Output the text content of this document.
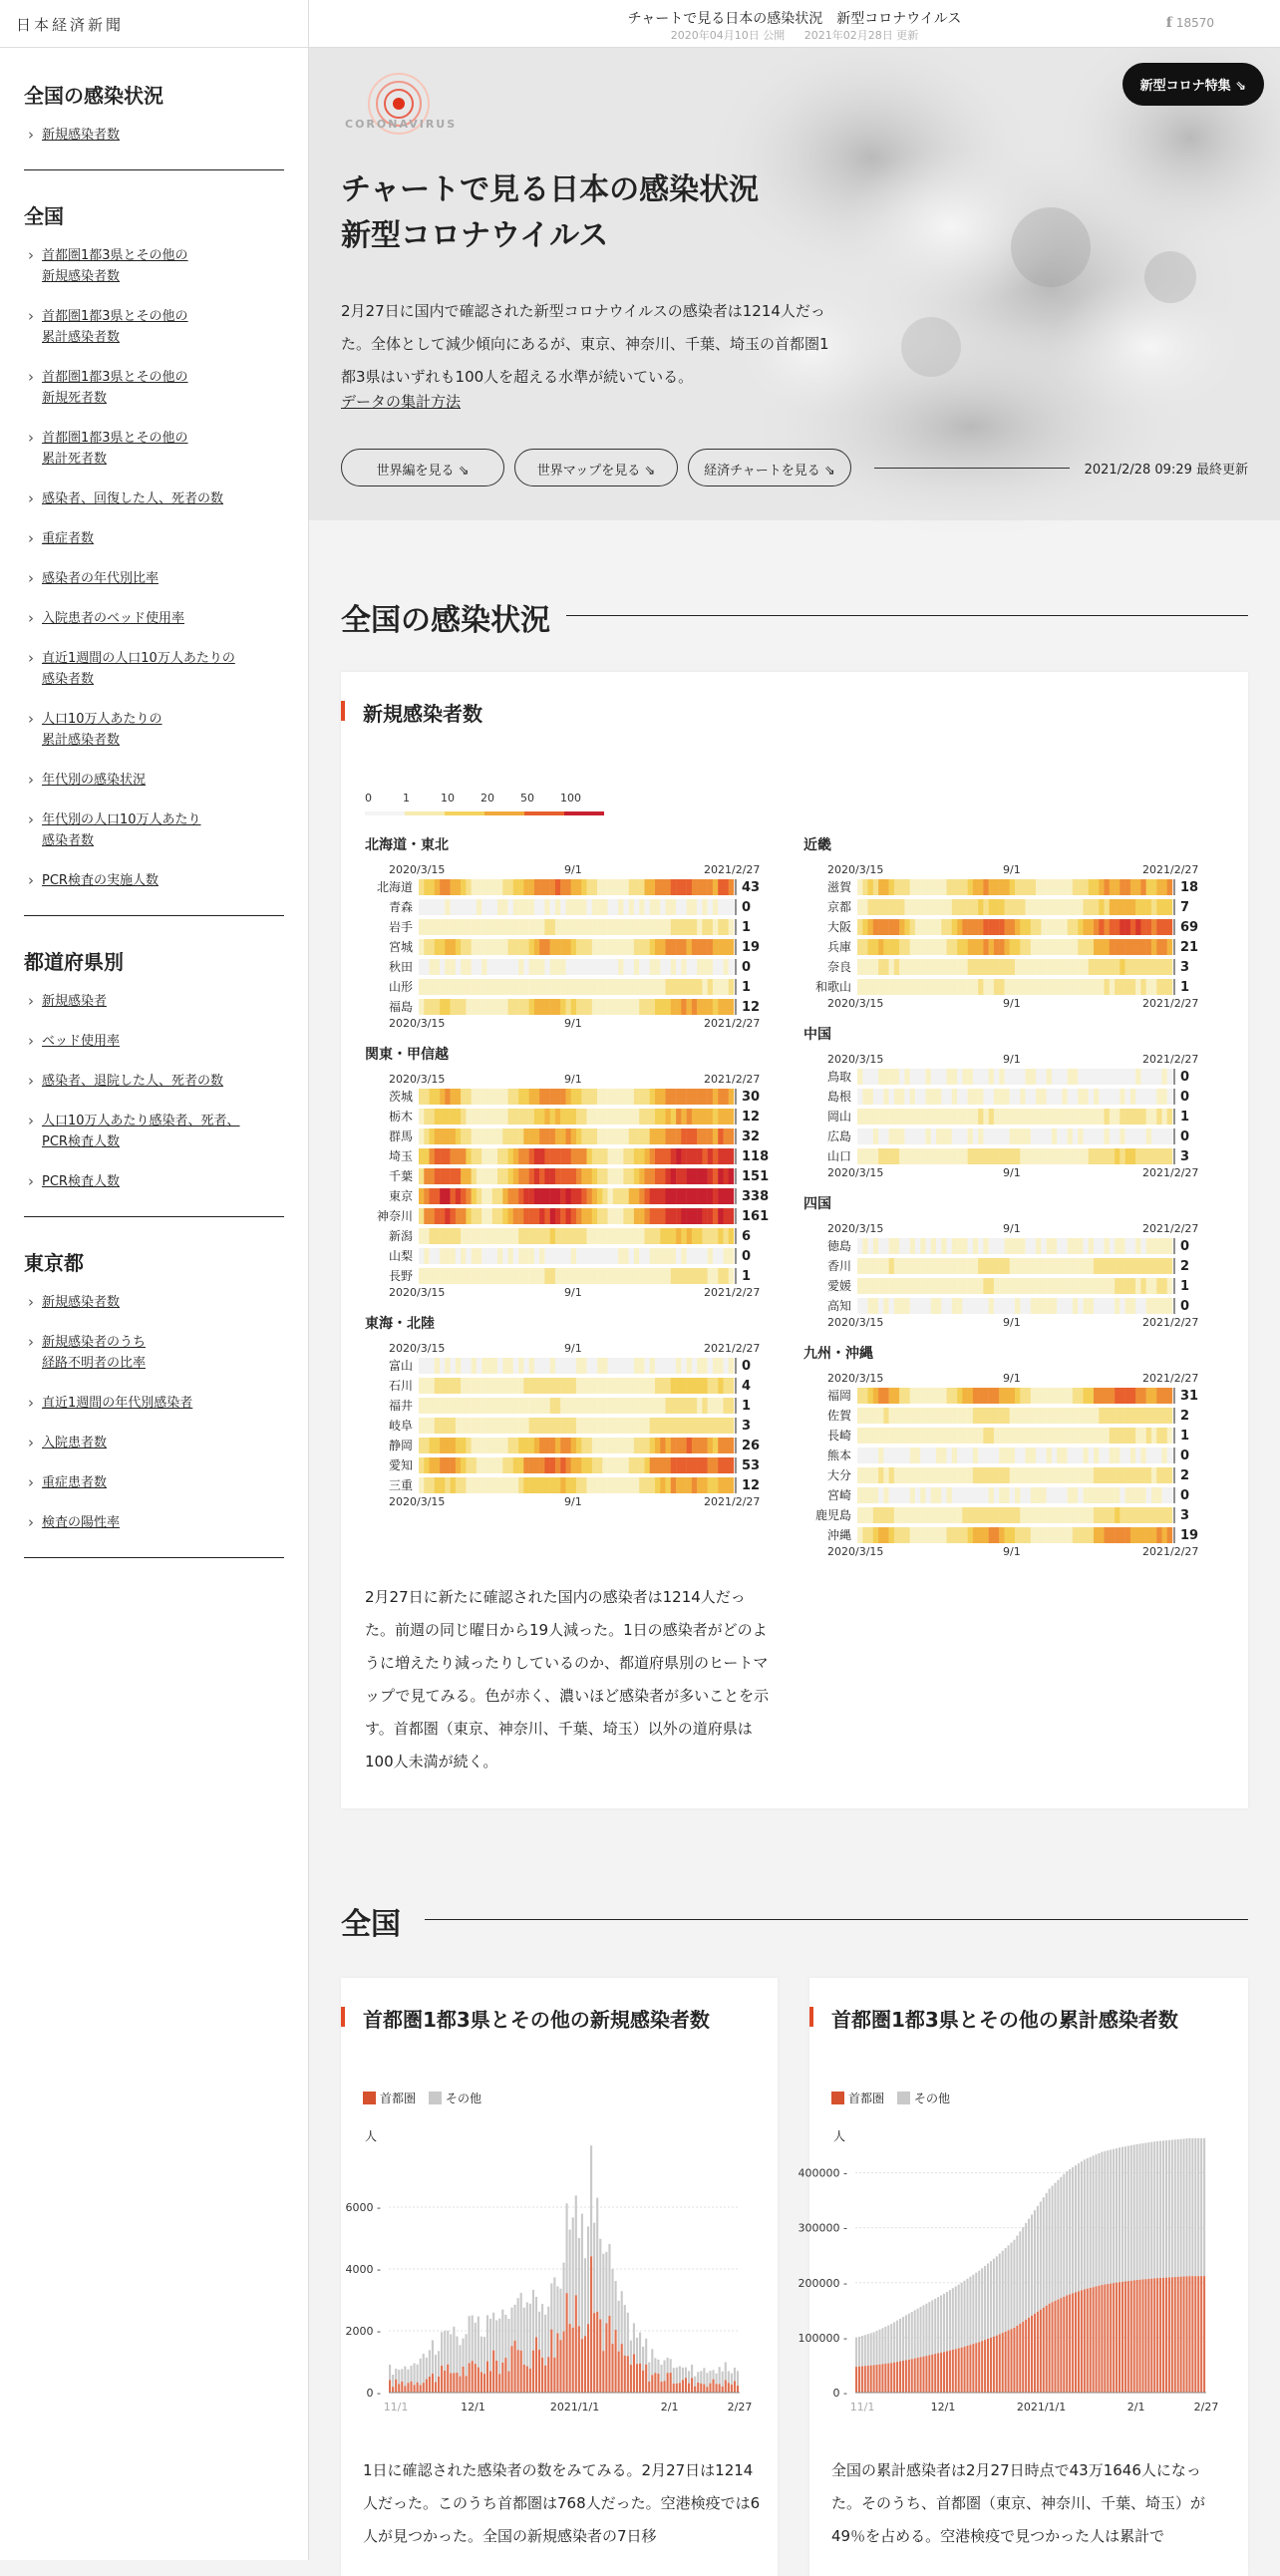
日本経済新聞
全国の感染状況
› 新規感染者数
全国
› 首都圏1都3県とその他の
新規感染者数
› 首都圏1都3県とその他の
累計感染者数
› 首都圏1都3県とその他の
新規死者数
› 首都圏1都3県とその他の
累計死者数
› 感染者、回復した人、死者の数
› 重症者数
› 感染者の年代別比率
› 入院患者のベッド使用率
› 直近1週間の人口10万人あたりの
感染者数
› 人口10万人あたりの
累計感染者数
› 年代別の感染状況
› 年代別の人口10万人あたり
感染者数
› PCR検査の実施人数
都道府県別
› 新規感染者
› ベッド使用率
› 感染者、退院した人、死者の数
› 人口10万人あたり感染者、死者、
PCR検査人数
› PCR検査人数
東京都
› 新規感染者数
› 新規感染者のうち
経路不明者の比率
› 直近1週間の年代別感染者
› 入院患者数
› 重症患者数
› 検査の陽性率
チャートで見る日本の感染状況　新型コロナウイルス
2020年04月10日 公開 2021年02月28日 更新
f 18570
CORONAVIRUS
新型コロナ特集 ⇘
チャートで見る日本の感染状況
新型コロナウイルス

2月27日に国内で確認された新型コロナウイルスの感染者は1214人だった。全体として減少傾向にあるが、東京、神奈川、千葉、埼玉の首都圏1都3県はいずれも100人を超える水準が続いている。

データの集計方法
世界編を見る ⇘	世界マップを見る ⇘	経済チャートを見る ⇘	2021/2/28 09:29 最終更新
全国の感染状況
新規感染者数
0	1	10 20 50 100
北海道・東北
2020/3/15	9/1	2021/2/27
北海道	43
青森	0
岩手	1
宮城	19
秋田	0
山形	1
福島	12
2020/3/15	9/1	2021/2/27
関東・甲信越
2020/3/15	9/1	2021/2/27
茨城	30
栃木	12
群馬	32
埼玉	118
千葉	151
東京	338
神奈川	161
新潟	6
山梨	0
長野	1
2020/3/15	9/1	2021/2/27
東海・北陸
2020/3/15	9/1	2021/2/27
富山	0
石川	4
福井	1
岐阜	3
静岡	26
愛知	53
三重	12
2020/3/15	9/1	2021/2/27
近畿
2020/3/15	9/1	2021/2/27
滋賀	18
京都	7
大阪	69
兵庫	21
奈良	3
和歌山	1
2020/3/15	9/1	2021/2/27
中国
2020/3/15	9/1	2021/2/27
鳥取	0
島根	0
岡山	1
広島	0
山口	3
2020/3/15	9/1	2021/2/27
四国
2020/3/15	9/1	2021/2/27
徳島	0
香川	2
愛媛	1
高知	0
2020/3/15	9/1	2021/2/27
九州・沖縄
2020/3/15	9/1	2021/2/27
福岡	31
佐賀	2
長崎	1
熊本	0
大分	2
宮崎	0
鹿児島	3
沖縄	19
2020/3/15	9/1	2021/2/27

2月27日に新たに確認された国内の感染者は1214人だった。前週の同じ曜日から19人減った。1日の感染者がどのように増えたり減ったりしているのか、都道府県別のヒートマップで見てみる。色が赤く、濃いほど感染者が多いことを示す。首都圏（東京、神奈川、千葉、埼玉）以外の道府県は100人未満が続く。

全国
首都圏1都3県とその他の新規感染者数
首都圏	その他
人
0 -
2000 -
4000 -
6000 -
11/1	12/1	2021/1/1	2/1	2/27

1日に確認された感染者の数をみてみる。2月27日は1214人だった。このうち首都圏は768人だった。空港検疫では6人が見つかった。全国の新規感染者の7日移

首都圏1都3県とその他の累計感染者数
首都圏	その他
人
0 -
100000 -
200000 -
300000 -
400000 -
11/1	12/1	2021/1/1	2/1	2/27

全国の累計感染者は2月27日時点で43万1646人になった。そのうち、首都圏（東京、神奈川、千葉、埼玉）が49％を占める。空港検疫で見つかった人は累計で
